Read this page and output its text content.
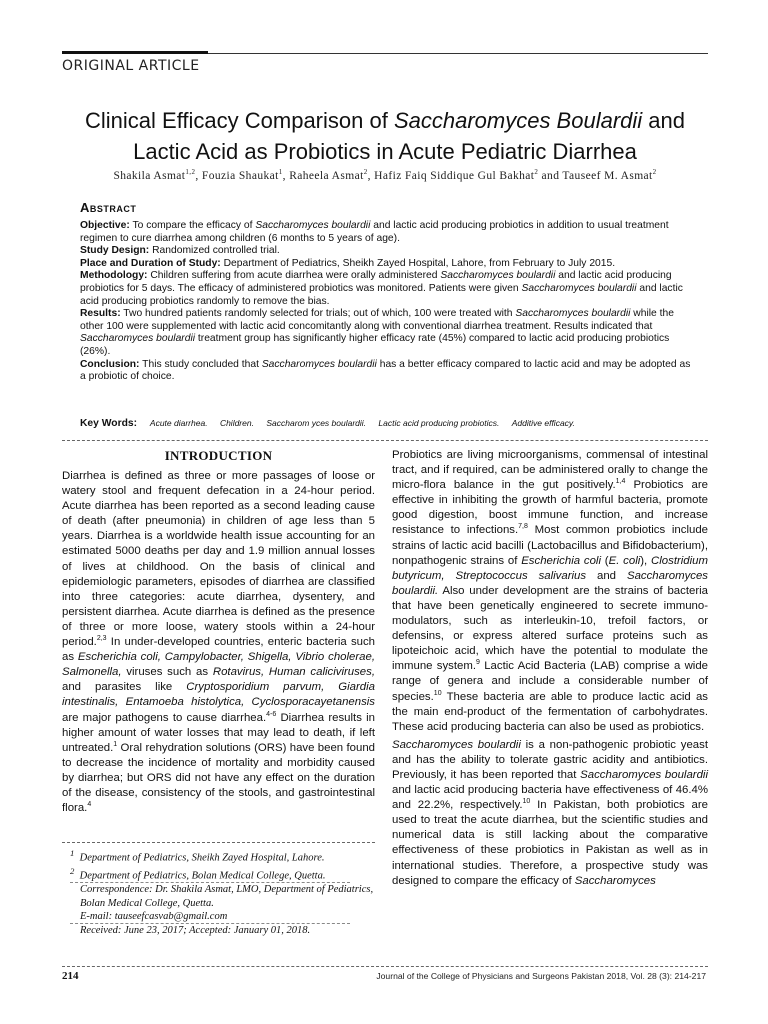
ORIGINAL ARTICLE
Clinical Efficacy Comparison of Saccharomyces Boulardii and
Lactic Acid as Probiotics in Acute Pediatric Diarrhea
Shakila Asmat$^{1,2}$, Fouzia Shaukat$^1$, Raheela Asmat$^2$, Hafiz Faiq Siddique Gul Bakhat$^2$ and Tauseef M. Asmat$^2$
Abstract

Objective: To compare the efficacy of Saccharomyces boulardii and lactic acid producing probiotics in addition to usual treatment regimen to cure diarrhea among children (6 months to 5 years of age).

Study Design: Randomized controlled trial.

Place and Duration of Study: Department of Pediatrics, Sheikh Zayed Hospital, Lahore, from February to July 2015.

Methodology: Children suffering from acute diarrhea were orally administered Saccharomyces boulardii and lactic acid producing probiotics for 5 days. The efficacy of administered probiotics was monitored. Patients were given Saccharomyces boulardii and lactic acid producing probiotics randomly to remove the bias.

Results: Two hundred patients randomly selected for trials; out of which, 100 were treated with Saccharomyces boulardii while the other 100 were supplemented with lactic acid concomitantly along with conventional diarrhea treatment. Results indicated that Saccharomyces boulardii treatment group has significantly higher efficacy rate (45%) compared to lactic acid producing probiotics (26%).

Conclusion: This study concluded that Saccharomyces boulardii has a better efficacy compared to lactic acid and may be adopted as a probiotic of choice.

Key Words: Acute diarrhea. Children. Saccharom yces boulardii. Lactic acid producing probiotics. Additive efficacy.
INTRODUCTION

Diarrhea is defined as three or more passages of loose or watery stool and frequent defecation in a 24-hour period. Acute diarrhea has been reported as a second leading cause of death (after pneumonia) in children of age less than 5 years. Diarrhea is a worldwide health issue accounting for an estimated 5000 deaths per day and 1.9 million annual losses of lives at childhood. On the basis of clinical and epidemiologic parameters, episodes of diarrhea are classified into three categories: acute diarrhea, dysentery, and persistent diarrhea. Acute diarrhea is defined as the presence of three or more loose, watery stools within a 24-hour period.$^{2,3}$ In under-developed countries, enteric bacteria such as Escherichia coli, Campylobacter, Shigella, Vibrio cholerae, Salmonella, viruses such as Rotavirus, Human caliciviruses, and parasites like Cryptosporidium parvum, Giardia intestinalis, Entamoeba histolytica, Cyclosporacayetanensis are major pathogens to cause diarrhea.$^{4-6}$ Diarrhea results in higher amount of water losses that may lead to death, if left untreated.$^1$ Oral rehydration solutions (ORS) have been found to decrease the incidence of mortality and morbidity caused by diarrhea; but ORS did not have any effect on the duration of the disease, consistency of the stools, and gastrointestinal flora.$^4$

$^1$ Department of Pediatrics, Sheikh Zayed Hospital, Lahore.
$^2$ Department of Pediatrics, Bolan Medical College, Quetta.
Correspondence: Dr. Shakila Asmat, LMO, Department of Pediatrics, Bolan Medical College, Quetta.
E-mail: tauseefcasvab@gmail.com
Received: June 23, 2017; Accepted: January 01, 2018.

Probiotics are living microorganisms, commensal of intestinal tract, and if required, can be administered orally to change the micro-flora balance in the gut positively.$^{1,4}$ Probiotics are effective in inhibiting the growth of harmful bacteria, promote good digestion, boost immune function, and increase resistance to infections.$^{7,8}$ Most common probiotics include strains of lactic acid bacilli (Lactobacillus and Bifidobacterium), nonpathogenic strains of Escherichia coli (E. coli), Clostridium butyricum, Streptococcus salivarius and Saccharomyces boulardii. Also under development are the strains of bacteria that have been genetically engineered to secrete immuno-modulators, such as interleukin-10, trefoil factors, or defensins, or express altered surface proteins such as lipoteichoic acid, which have the potential to modulate the immune system.$^9$ Lactic Acid Bacteria (LAB) comprise a wide range of genera and include a considerable number of species.$^{10}$ These bacteria are able to produce lactic acid as the main end-product of the fermentation of carbohydrates. These acid producing bacteria can also be used as probiotics.

Saccharomyces boulardii is a non-pathogenic probiotic yeast and has the ability to tolerate gastric acidity and antibiotics. Previously, it has been reported that Saccharomyces boulardii and lactic acid producing bacteria have effectiveness of 46.4% and 22.2%, respectively.$^{10}$ In Pakistan, both probiotics are used to treat the acute diarrhea, but the scientific studies and numerical data is still lacking about the comparative effectiveness of these probiotics in Pakistan as well as in international studies. Therefore, a prospective study was designed to compare the efficacy of Saccharomyces

214	Journal of the College of Physicians and Surgeons Pakistan 2018, Vol. 28 (3): 214-217
